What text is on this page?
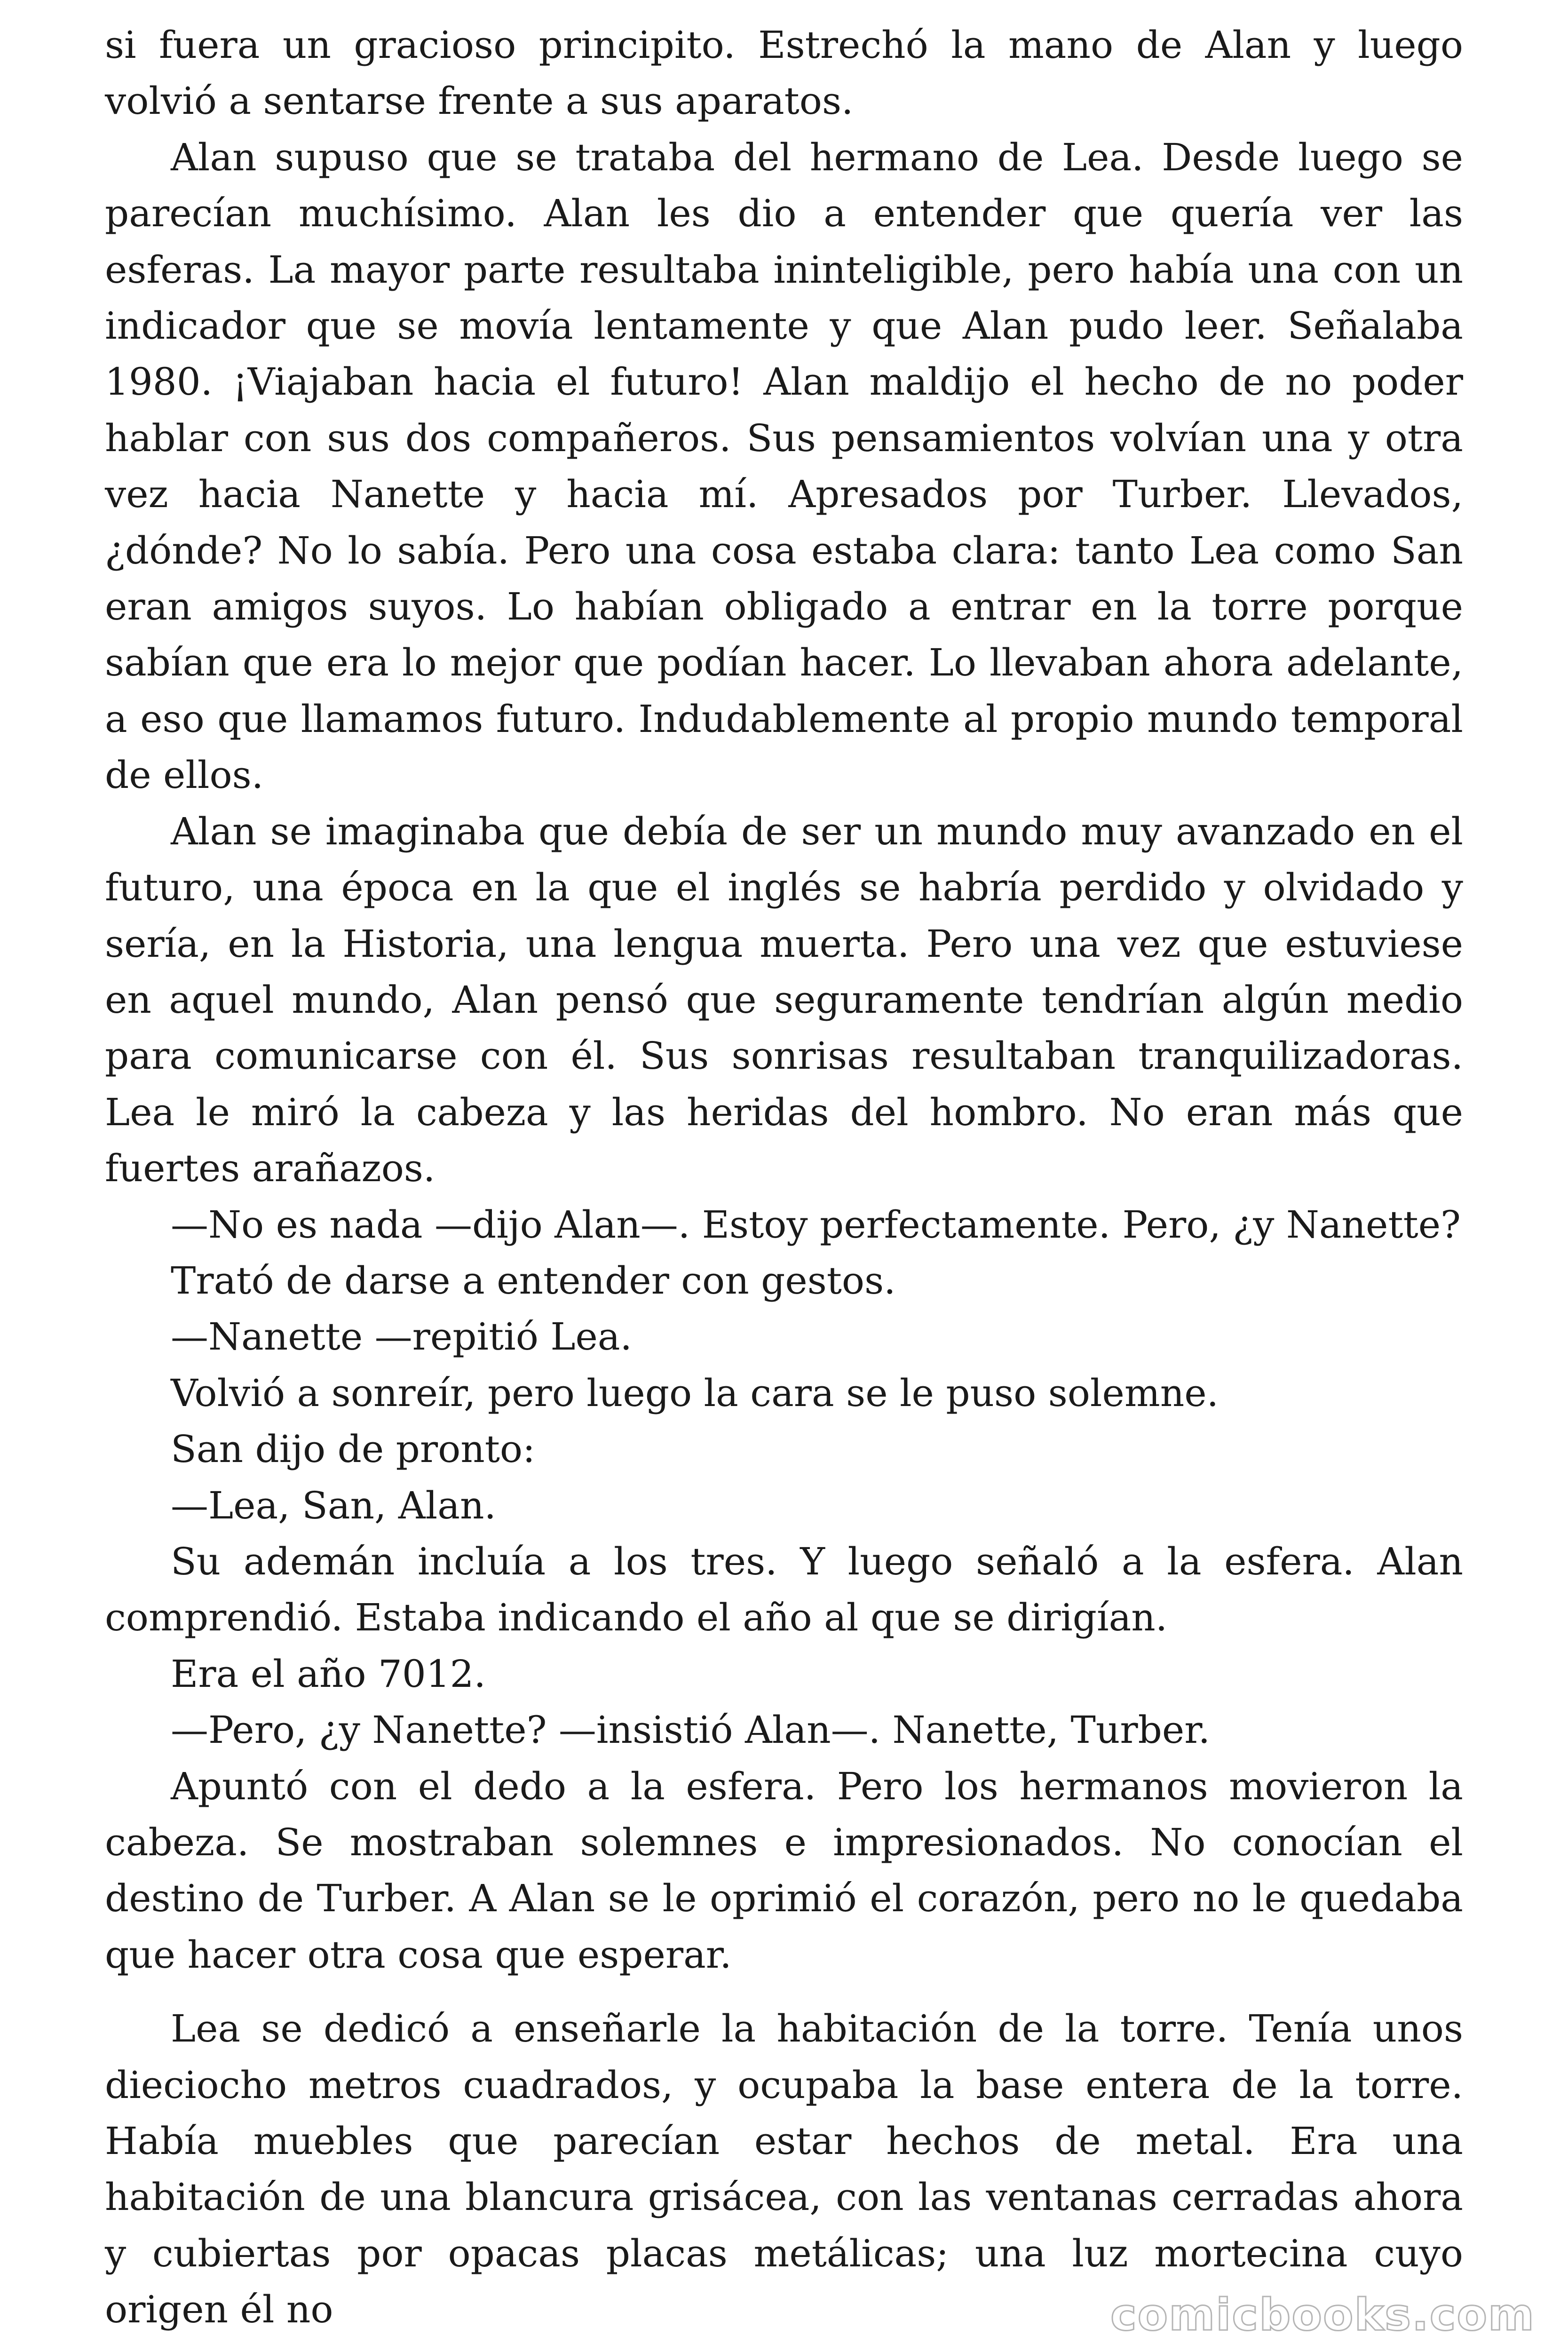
si fuera un gracioso principito. Estrechó la mano de Alan y luego volvió a sentarse frente a sus aparatos.

Alan supuso que se trataba del hermano de Lea. Desde luego se parecían muchísimo. Alan les dio a entender que quería ver las esferas. La mayor parte resultaba ininteligible, pero había una con un indicador que se movía lentamente y que Alan pudo leer. Señalaba 1980. ¡Viajaban hacia el futuro! Alan maldijo el hecho de no poder hablar con sus dos compañeros. Sus pensamientos volvían una y otra vez hacia Nanette y hacia mí. Apresados por Turber. Llevados, ¿dónde? No lo sabía. Pero una cosa estaba clara: tanto Lea como San eran amigos suyos. Lo habían obligado a entrar en la torre porque sabían que era lo mejor que podían hacer. Lo llevaban ahora adelante, a eso que llamamos futuro. Indudablemente al propio mundo temporal de ellos.

Alan se imaginaba que debía de ser un mundo muy avanzado en el futuro, una época en la que el inglés se habría perdido y olvidado y sería, en la Historia, una lengua muerta. Pero una vez que estuviese en aquel mundo, Alan pensó que seguramente tendrían algún medio para comunicarse con él. Sus sonrisas resultaban tranquilizadoras. Lea le miró la cabeza y las heridas del hombro. No eran más que fuertes arañazos.

—No es nada —dijo Alan—. Estoy perfectamente. Pero, ¿y Nanette?

Trató de darse a entender con gestos.

—Nanette —repitió Lea.

Volvió a sonreír, pero luego la cara se le puso solemne.

San dijo de pronto:

—Lea, San, Alan.

Su ademán incluía a los tres. Y luego señaló a la esfera. Alan comprendió. Estaba indicando el año al que se dirigían.

Era el año 7012.

—Pero, ¿y Nanette? —insistió Alan—. Nanette, Turber.

Apuntó con el dedo a la esfera. Pero los hermanos movieron la cabeza. Se mostraban solemnes e impresionados. No conocían el destino de Turber. A Alan se le oprimió el corazón, pero no le quedaba que hacer otra cosa que esperar.

Lea se dedicó a enseñarle la habitación de la torre. Tenía unos dieciocho metros cuadrados, y ocupaba la base entera de la torre. Había muebles que parecían estar hechos de metal. Era una habitación de una blancura grisácea, con las ventanas cerradas ahora y cubiertas por opacas placas metálicas; una luz mortecina cuyo origen él no	comicbooks.com
